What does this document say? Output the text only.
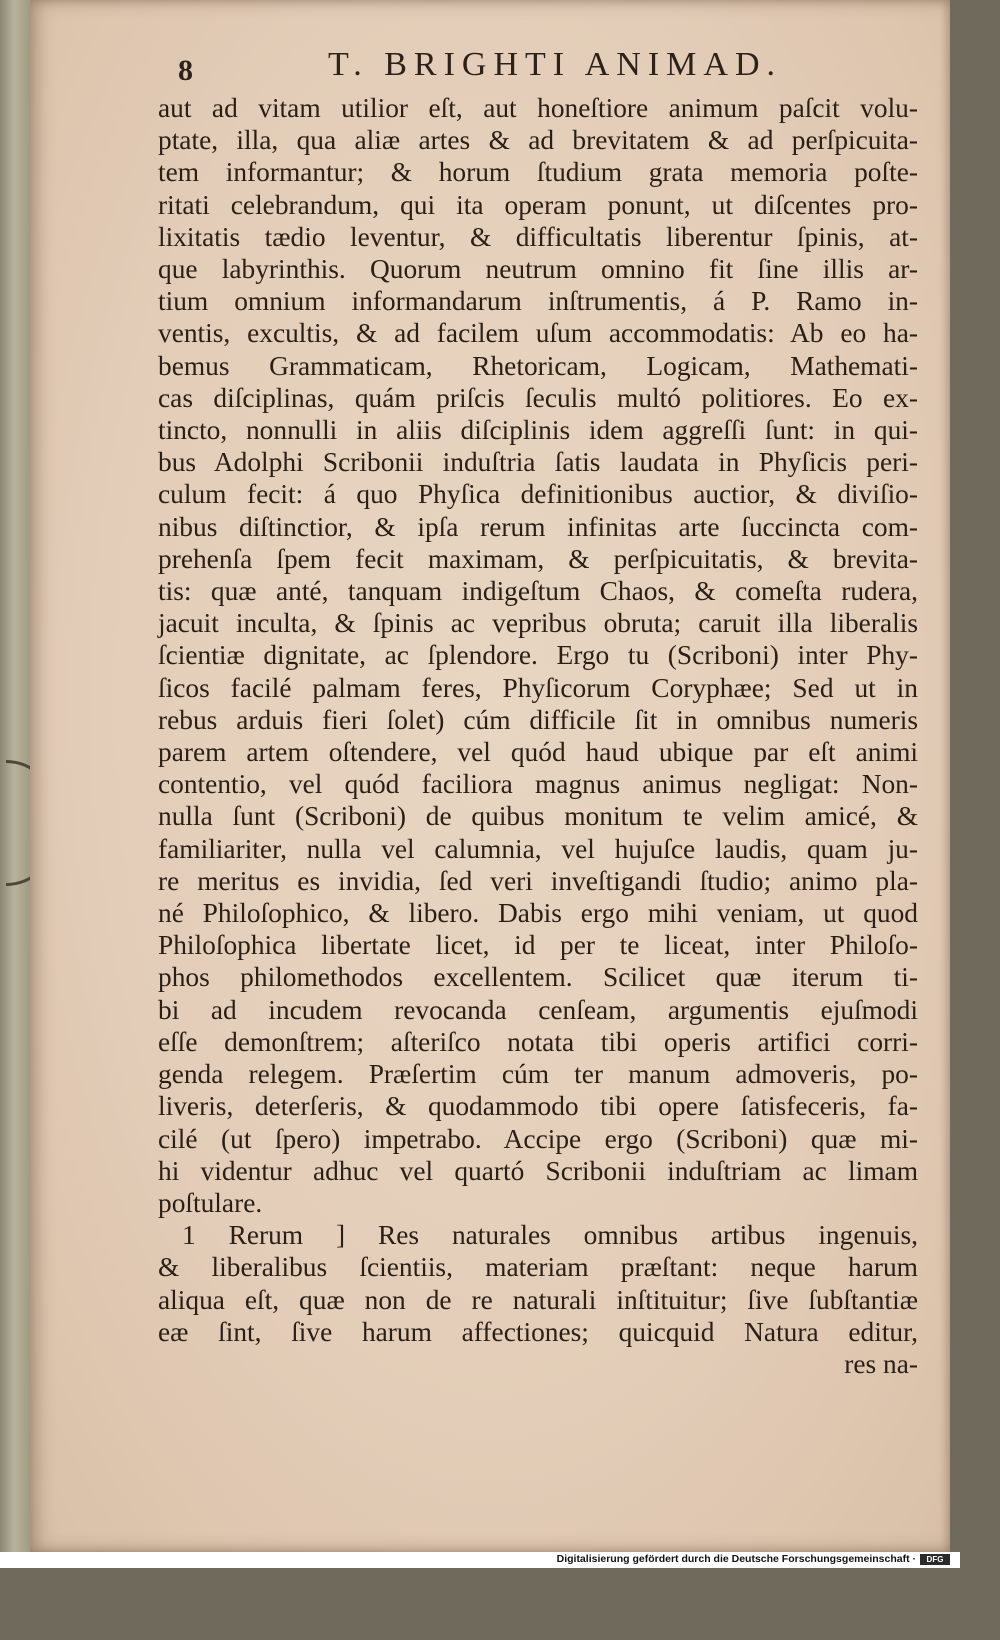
8	T. BRIGHTI ANIMAD.
aut ad vitam utilior eſt, aut honeſtiore animum paſcit volu-
ptate, illa, qua aliæ artes & ad brevitatem & ad perſpicuita-
tem informantur; & horum ſtudium grata memoria poſte-
ritati celebrandum, qui ita operam ponunt, ut diſcentes pro-
lixitatis tædio leventur, & difficultatis liberentur ſpinis, at-
que labyrinthis. Quorum neutrum omnino fit ſine illis ar-
tium omnium informandarum inſtrumentis, á P. Ramo in-
ventis, excultis, & ad facilem uſum accommodatis: Ab eo ha-
bemus Grammaticam, Rhetoricam, Logicam, Mathemati-
cas diſciplinas, quám priſcis ſeculis multó politiores. Eo ex-
tincto, nonnulli in aliis diſciplinis idem aggreſſi ſunt: in qui-
bus Adolphi Scribonii induſtria ſatis laudata in Phyſicis peri-
culum fecit: á quo Phyſica definitionibus auctior, & diviſio-
nibus diſtinctior, & ipſa rerum infinitas arte ſuccincta com-
prehenſa ſpem fecit maximam, & perſpicuitatis, & brevita-
tis: quæ anté, tanquam indigeſtum Chaos, & comeſta rudera,
jacuit inculta, & ſpinis ac vepribus obruta; caruit illa liberalis
ſcientiæ dignitate, ac ſplendore. Ergo tu (Scriboni) inter Phy-
ſicos facilé palmam feres, Phyſicorum Coryphæe; Sed ut in
rebus arduis fieri ſolet) cúm difficile ſit in omnibus numeris
parem artem oſtendere, vel quód haud ubique par eſt animi
contentio, vel quód faciliora magnus animus negligat: Non-
nulla ſunt (Scriboni) de quibus monitum te velim amicé, &
familiariter, nulla vel calumnia, vel hujuſce laudis, quam ju-
re meritus es invidia, ſed veri inveſtigandi ſtudio; animo pla-
né Philoſophico, & libero. Dabis ergo mihi veniam, ut quod
Philoſophica libertate licet, id per te liceat, inter Philoſo-
phos philomethodos excellentem. Scilicet quæ iterum ti-
bi ad incudem revocanda cenſeam, argumentis ejuſmodi
eſſe demonſtrem; aſteriſco notata tibi operis artifici corri-
genda relegem. Præſertim cúm ter manum admoveris, po-
liveris, deterſeris, & quodammodo tibi opere ſatisfeceris, fa-
cilé (ut ſpero) impetrabo. Accipe ergo (Scriboni) quæ mi-
hi videntur adhuc vel quartó Scribonii induſtriam ac limam
poſtulare.
1 Rerum ] Res naturales omnibus artibus ingenuis,
& liberalibus ſcientiis, materiam præſtant: neque harum
aliqua eſt, quæ non de re naturali inſtituitur; ſive ſubſtantiæ
eæ ſint, ſive harum affectiones; quicquid Natura editur,
res na-
Digitalisierung gefördert durch die Deutsche Forschungsgemeinschaft ·	DFG
